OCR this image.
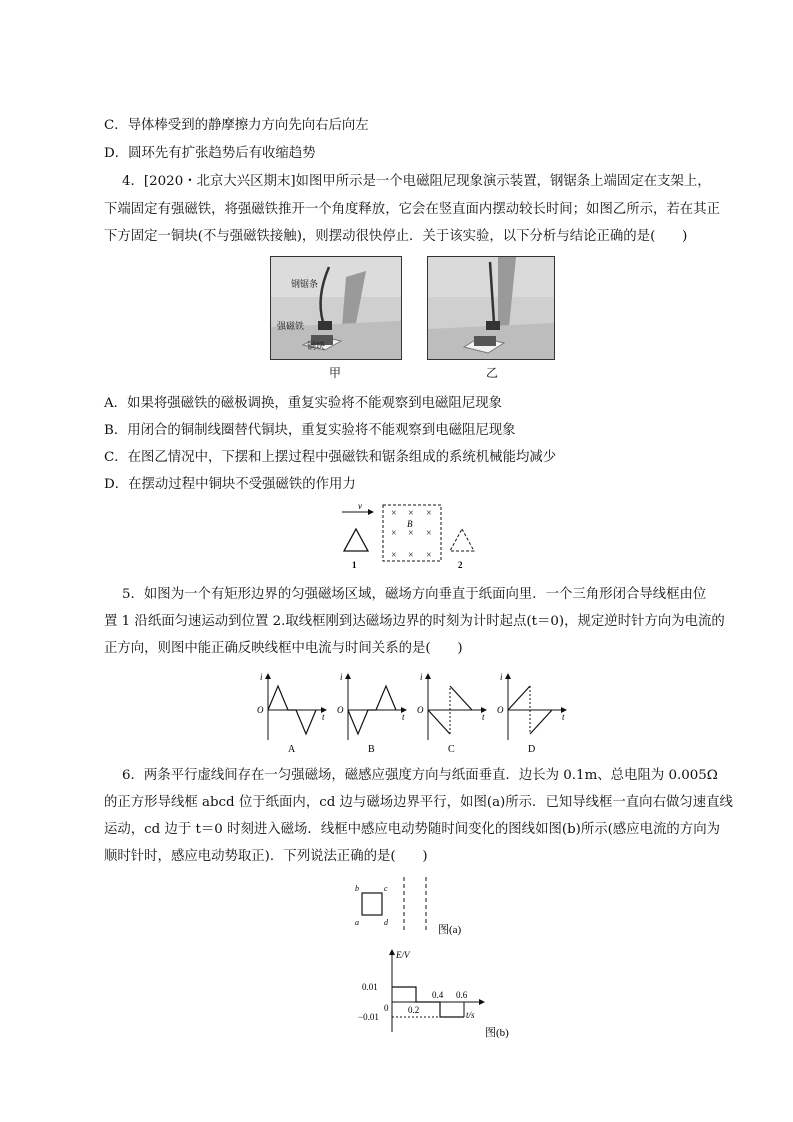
C．导体棒受到的静摩擦力方向先向右后向左
D．圆环先有扩张趋势后有收缩趋势
4．[2020・北京大兴区期末]如图甲所示是一个电磁阻尼现象演示装置，钢锯条上端固定在支架上，
下端固定有强磁铁，将强磁铁推开一个角度释放，它会在竖直面内摆动较长时间；如图乙所示，若在其正
下方固定一铜块(不与强磁铁接触)，则摆动很快停止．关于该实验，以下分析与结论正确的是(　　)
钢锯条
强磁铁
铜块
甲	乙
A．如果将强磁铁的磁极调换，重复实验将不能观察到电磁阻尼现象
B．用闭合的铜制线圈替代铜块，重复实验将不能观察到电磁阻尼现象
C．在图乙情况中，下摆和上摆过程中强磁铁和锯条组成的系统机械能均减少
D．在摆动过程中铜块不受强磁铁的作用力
v
× × ×
× × ×
× × ×
B
1	2
5．如图为一个有矩形边界的匀强磁场区域，磁场方向垂直于纸面向里．一个三角形闭合导线框由位
置 1 沿纸面匀速运动到位置 2.取线框刚到达磁场边界的时刻为计时起点(t＝0)，规定逆时针方向为电流的
正方向，则图中能正确反映线框中电流与时间关系的是(　　)
i
O
t
A
i
O
t
B
i
O
t
C
i
O
t
D
6．两条平行虚线间存在一匀强磁场，磁感应强度方向与纸面垂直．边长为 0.1m、总电阻为 0.005Ω
的正方形导线框 abcd 位于纸面内，cd 边与磁场边界平行，如图(a)所示．已知导线框一直向右做匀速直线
运动，cd 边于 t＝0 时刻进入磁场．线框中感应电动势随时间变化的图线如图(b)所示(感应电流的方向为
顺时针时，感应电动势取正)．下列说法正确的是(　　)
b	c
a	d
图(a)
E/V
t/s
0
0.01
−0.01
0.2
0.4 0.6
图(b)
